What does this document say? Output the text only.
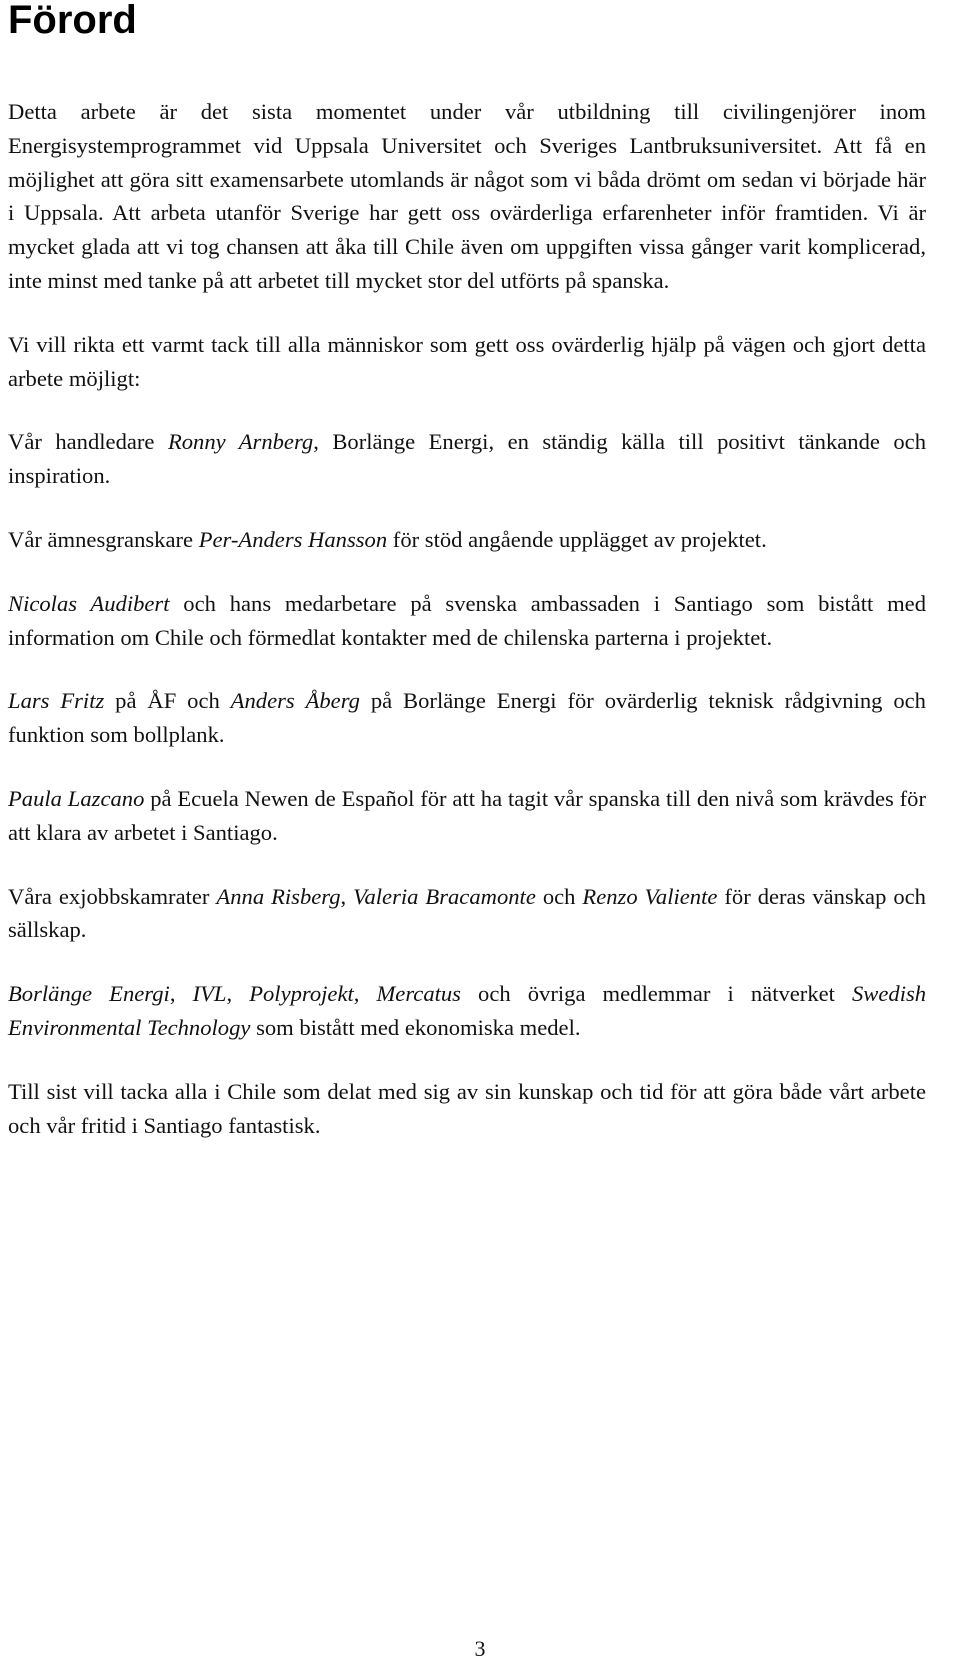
Förord

Detta arbete är det sista momentet under vår utbildning till civilingenjörer inom Energisystemprogrammet vid Uppsala Universitet och Sveriges Lantbruksuniversitet. Att få en möjlighet att göra sitt examensarbete utomlands är något som vi båda drömt om sedan vi började här i Uppsala. Att arbeta utanför Sverige har gett oss ovärderliga erfarenheter inför framtiden. Vi är mycket glada att vi tog chansen att åka till Chile även om uppgiften vissa gånger varit komplicerad, inte minst med tanke på att arbetet till mycket stor del utförts på spanska.

Vi vill rikta ett varmt tack till alla människor som gett oss ovärderlig hjälp på vägen och gjort detta arbete möjligt:

Vår handledare Ronny Arnberg, Borlänge Energi, en ständig källa till positivt tänkande och inspiration.

Vår ämnesgranskare Per-Anders Hansson för stöd angående upplägget av projektet.

Nicolas Audibert och hans medarbetare på svenska ambassaden i Santiago som bistått med information om Chile och förmedlat kontakter med de chilenska parterna i projektet.

Lars Fritz på ÅF och Anders Åberg på Borlänge Energi för ovärderlig teknisk rådgivning och funktion som bollplank.

Paula Lazcano på Ecuela Newen de Español för att ha tagit vår spanska till den nivå som krävdes för att klara av arbetet i Santiago.

Våra exjobbskamrater Anna Risberg, Valeria Bracamonte och Renzo Valiente för deras vänskap och sällskap.

Borlänge Energi, IVL, Polyprojekt, Mercatus och övriga medlemmar i nätverket Swedish Environmental Technology som bistått med ekonomiska medel.

Till sist vill tacka alla i Chile som delat med sig av sin kunskap och tid för att göra både vårt arbete och vår fritid i Santiago fantastisk.

3
